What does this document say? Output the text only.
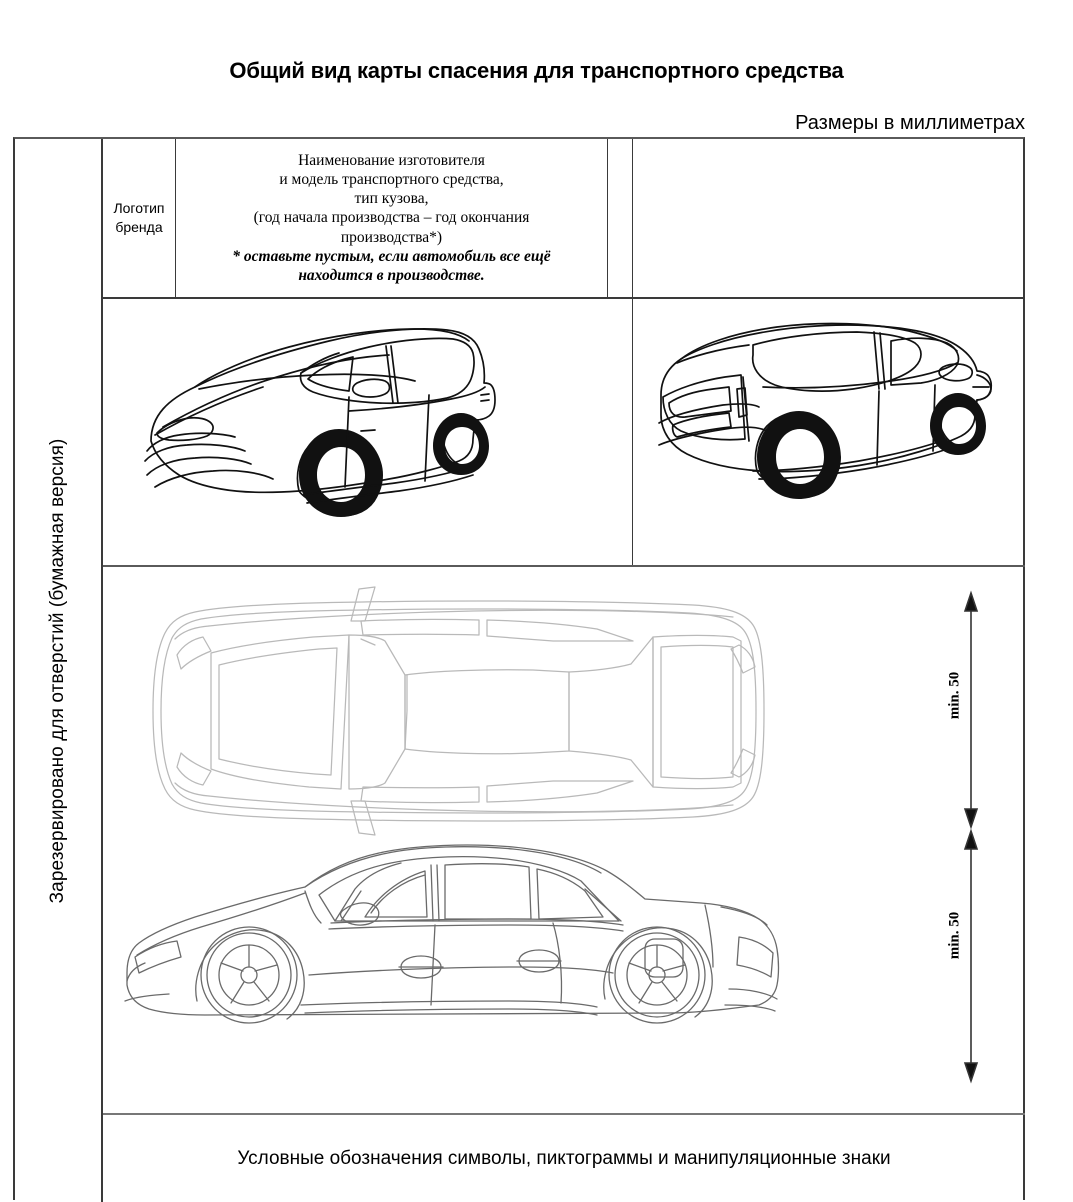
Общий вид карты спасения для транспортного средства
Размеры в миллиметрах
Зарезервировано для отверстий (бумажная версия)
Логотип
бренда
Наименование изготовителя
и модель транспортного средства,
тип кузова,
(год начала производства – год окончания
производства*)
* оставьте пустым, если автомобиль все ещё
находится в производстве.
min. 50
min. 50
Условные обозначения символы, пиктограммы и манипуляционные знаки
